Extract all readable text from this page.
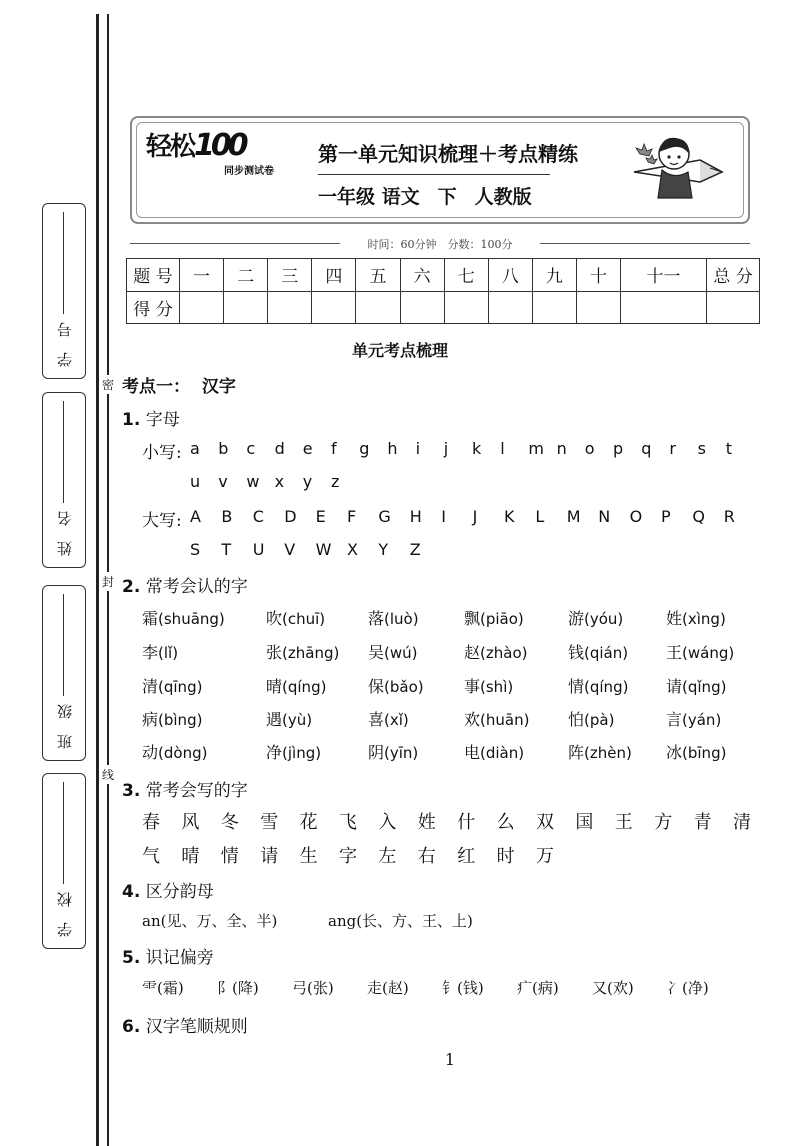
学　号
姓　名
班　级
学　校
密
封
线
轻松100
同步测试卷
第一单元知识梳理＋考点精练
一年级 语文 下 人教版
时间：60分钟　分数：100分
题 号	一	二	三	四	五	六	七	八	九	十	十一	总 分
得 分												
单元考点梳理
考点一： 汉字
1. 字母
小写: a b c d e f g h i j k l m n o p q r s t
u v w x y z
大写: A B C D E F G H I J K L M N O P Q R
S T U V W X Y Z
2. 常考会认的字
霜(shuāng)	吹(chuī)	落(luò)	飘(piāo)	游(yóu)	姓(xìng)
李(lǐ)	张(zhāng) 吴(wú)	赵(zhào)	钱(qián) 王(wáng)
清(qīng)	晴(qíng)	保(bǎo)	事(shì)	情(qíng) 请(qǐng)
病(bìng)	遇(yù)	喜(xǐ)	欢(huān) 怕(pà)	言(yán)
动(dòng)	净(jìng)	阴(yīn)	电(diàn)	阵(zhèn) 冰(bīng)
3. 常考会写的字
春 风 冬 雪 花 飞 入 姓 什 么 双 国 王 方 青 清
气 晴 情 请 生 字 左 右 红 时 万
4. 区分韵母
an(见、万、全、半)	ang(长、方、王、上)
5. 识记偏旁
⻗(霜) 阝(降) 弓(张) 走(赵) 钅(钱) 疒(病) 又(欢) 冫(净)
6. 汉字笔顺规则
1
